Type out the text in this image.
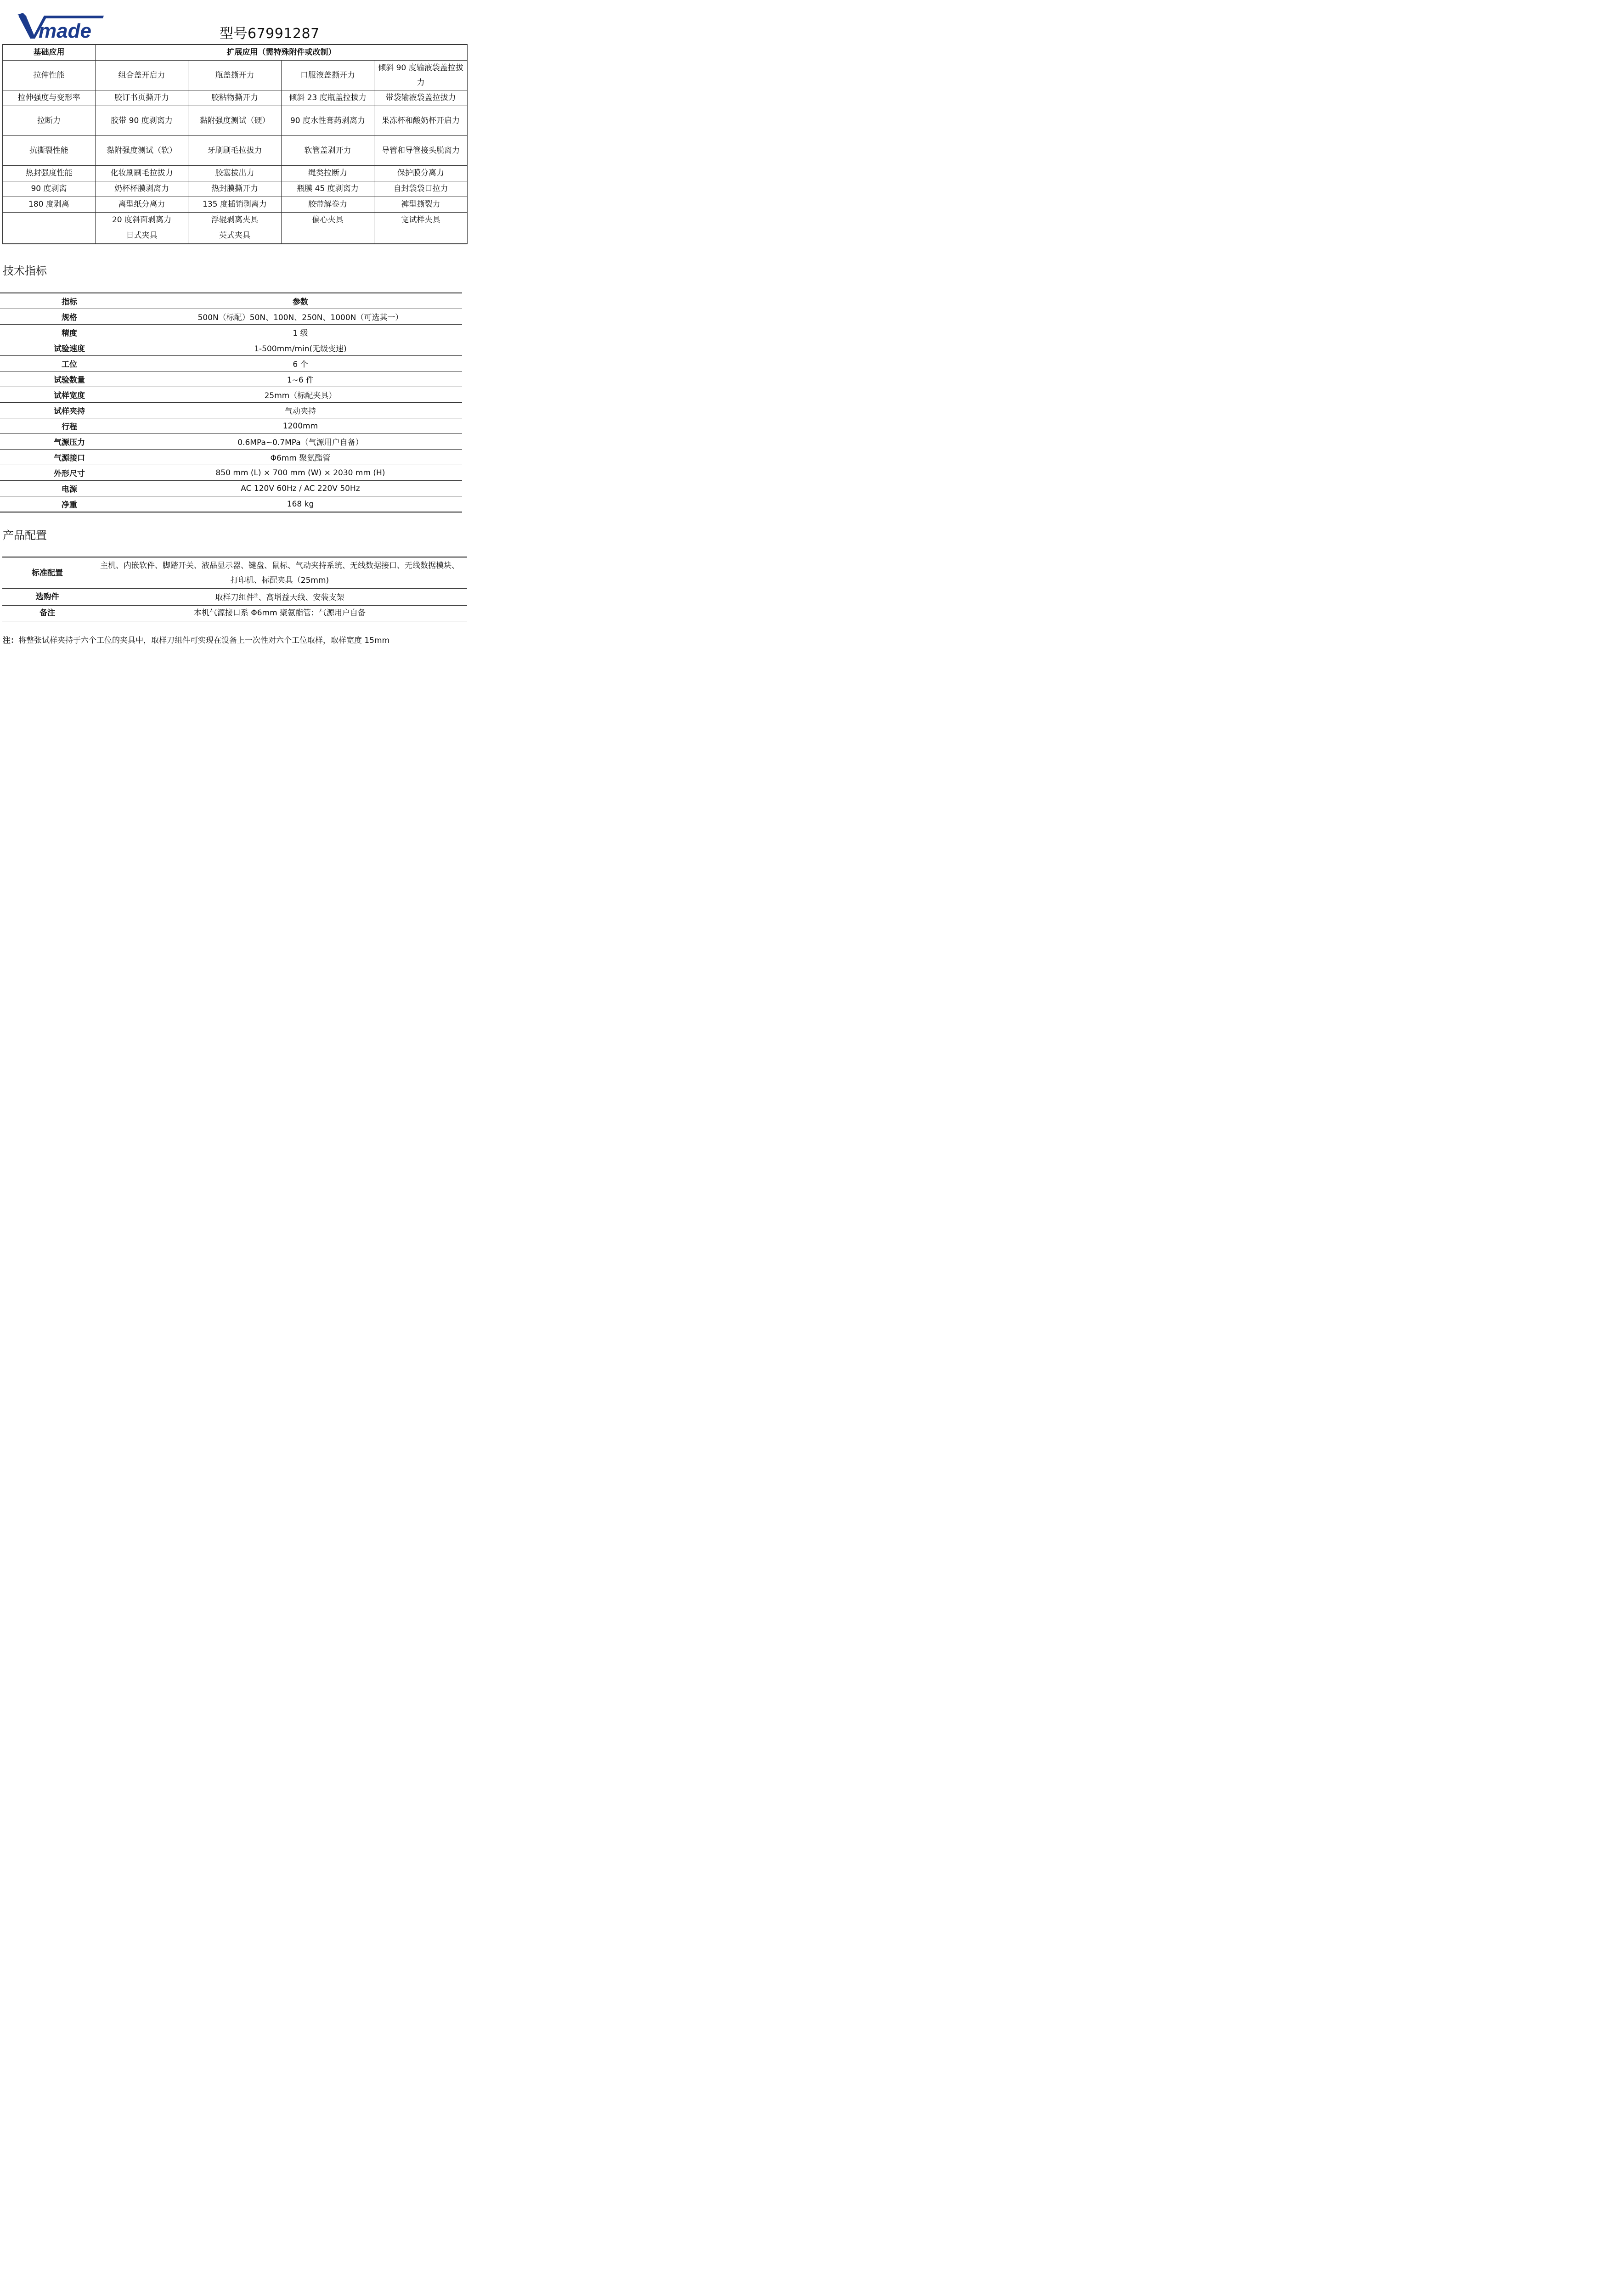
made	型号67991287
基础应用	扩展应用（需特殊附件或改制）			
拉伸性能	组合盖开启力	瓶盖撕开力	口服液盖撕开力	倾斜 90 度输液袋盖拉拔力
拉伸强度与变形率	胶订书页撕开力	胶粘物撕开力	倾斜 23 度瓶盖拉拔力	带袋输液袋盖拉拔力
拉断力	胶带 90 度剥离力	黏附强度测试（硬）	90 度水性膏药剥离力	果冻杯和酸奶杯开启力
抗撕裂性能	黏附强度测试（软）	牙刷刷毛拉拔力	软管盖剥开力	导管和导管接头脱离力
热封强度性能	化妆刷刷毛拉拔力	胶塞拔出力	绳类拉断力	保护膜分离力
90 度剥离	奶杯杯膜剥离力	热封膜撕开力	瓶膜 45 度剥离力	自封袋袋口拉力
180 度剥离	离型纸分离力	135 度插销剥离力	胶带解卷力	裤型撕裂力
	20 度斜面剥离力	浮辊剥离夹具	偏心夹具	宽试样夹具
	日式夹具	英式夹具		
技术指标
指标	参数
规格	500N（标配）50N、100N、250N、1000N（可选其一）
精度	1 级
试验速度	1-500mm/min(无级变速)
工位	6 个
试验数量	1~6 件
试样宽度	25mm（标配夹具）
试样夹持	气动夹持
行程	1200mm
气源压力	0.6MPa~0.7MPa（气源用户自备）
气源接口	Φ6mm 聚氨酯管
外形尺寸	850 mm (L) × 700 mm (W) × 2030 mm (H)
电源	AC 120V 60Hz / AC 220V 50Hz
净重	168 kg
产品配置
标准配置	主机、内嵌软件、脚踏开关、液晶显示器、键盘、鼠标、气动夹持系统、无线数据接口、无线数据模块、打印机、标配夹具（25mm)
选购件	取样刀组件$^注$、高增益天线、安装支架
备注	本机气源接口系 Φ6mm 聚氨酯管；气源用户自备
注：将整张试样夹持于六个工位的夹具中，取样刀组件可实现在设备上一次性对六个工位取样，取样宽度 15mm
